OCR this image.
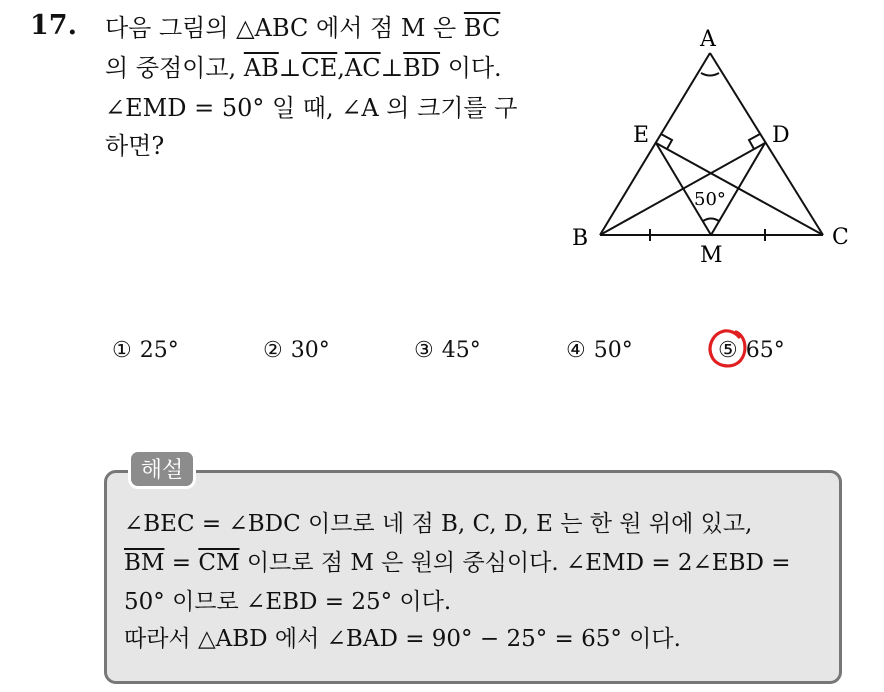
17. 다음 그림의 △ABC 에서 점 M 은 $\overline{BC}$
의 중점이고, $\overline{AB}\perp\overline{CE},\overline{AC}\perp\overline{BD}$ 이다.
∠EMD = 50° 일 때, ∠A 의 크기를 구
하면?
A
B	C
D
E
M
50°
① 25°	② 30°	③ 45°	④ 50°	⑤ 65°
해설
∠BEC = ∠BDC 이므로 네 점 B, C, D, E 는 한 원 위에 있고,
$\overline{BM} = \overline{CM}$ 이므로 점 M 은 원의 중심이다. ∠EMD = 2∠EBD =
50° 이므로 ∠EBD = 25° 이다.
따라서 △ABD 에서 ∠BAD = 90° − 25° = 65° 이다.
